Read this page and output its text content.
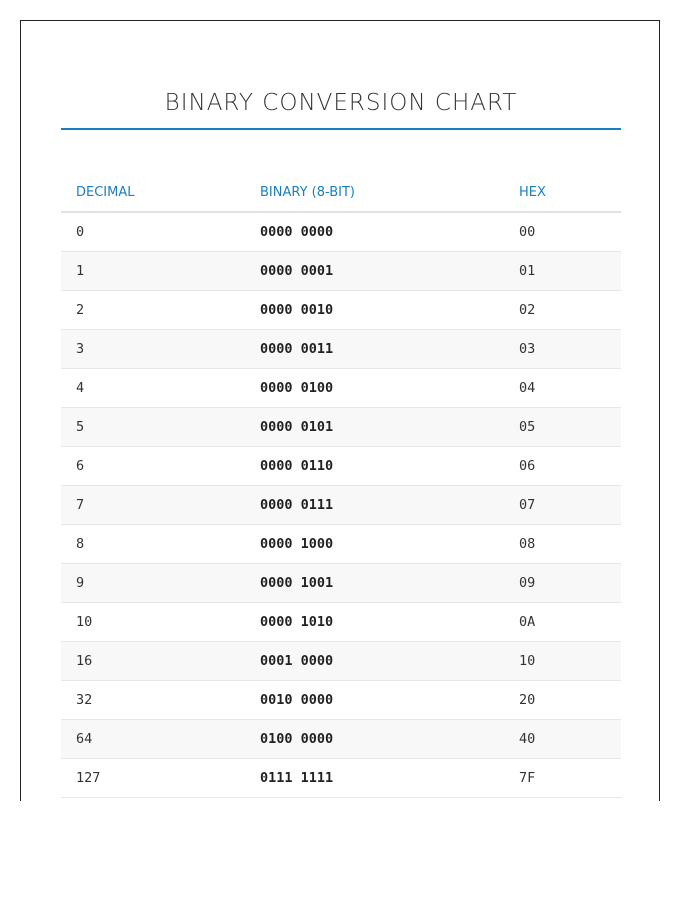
BINARY CONVERSION CHART
DECIMAL	BINARY (8-BIT)	HEX
0	0000 0000	00
1	0000 0001	01
2	0000 0010	02
3	0000 0011	03
4	0000 0100	04
5	0000 0101	05
6	0000 0110	06
7	0000 0111	07
8	0000 1000	08
9	0000 1001	09
10	0000 1010	0A
16	0001 0000	10
32	0010 0000	20
64	0100 0000	40
127	0111 1111	7F
